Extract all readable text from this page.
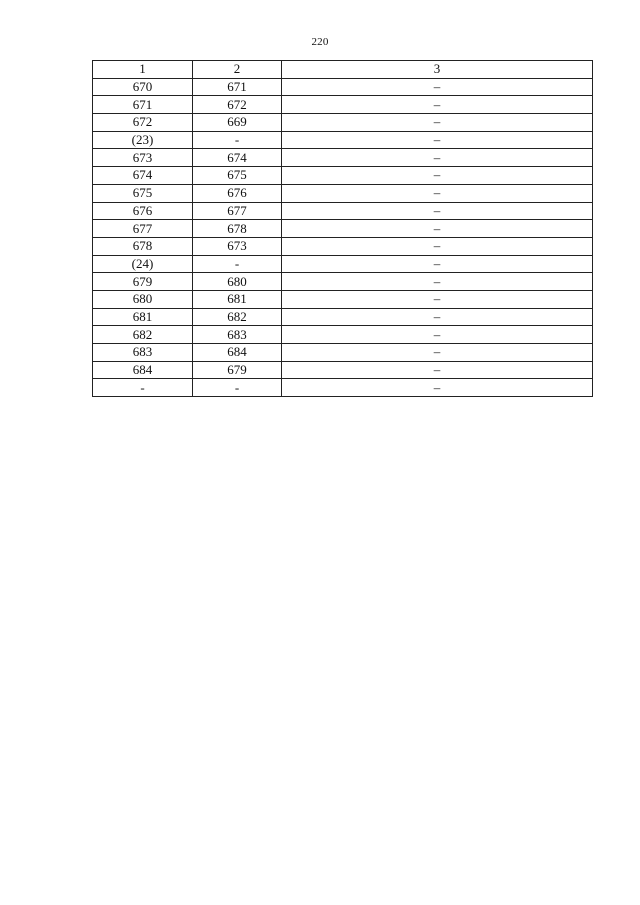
220
1	2	3
670	671	–
671	672	–
672	669	–
(23)	-	–
673	674	–
674	675	–
675	676	–
676	677	–
677	678	–
678	673	–
(24)	-	–
679	680	–
680	681	–
681	682	–
682	683	–
683	684	–
684	679	–
-	-	–
